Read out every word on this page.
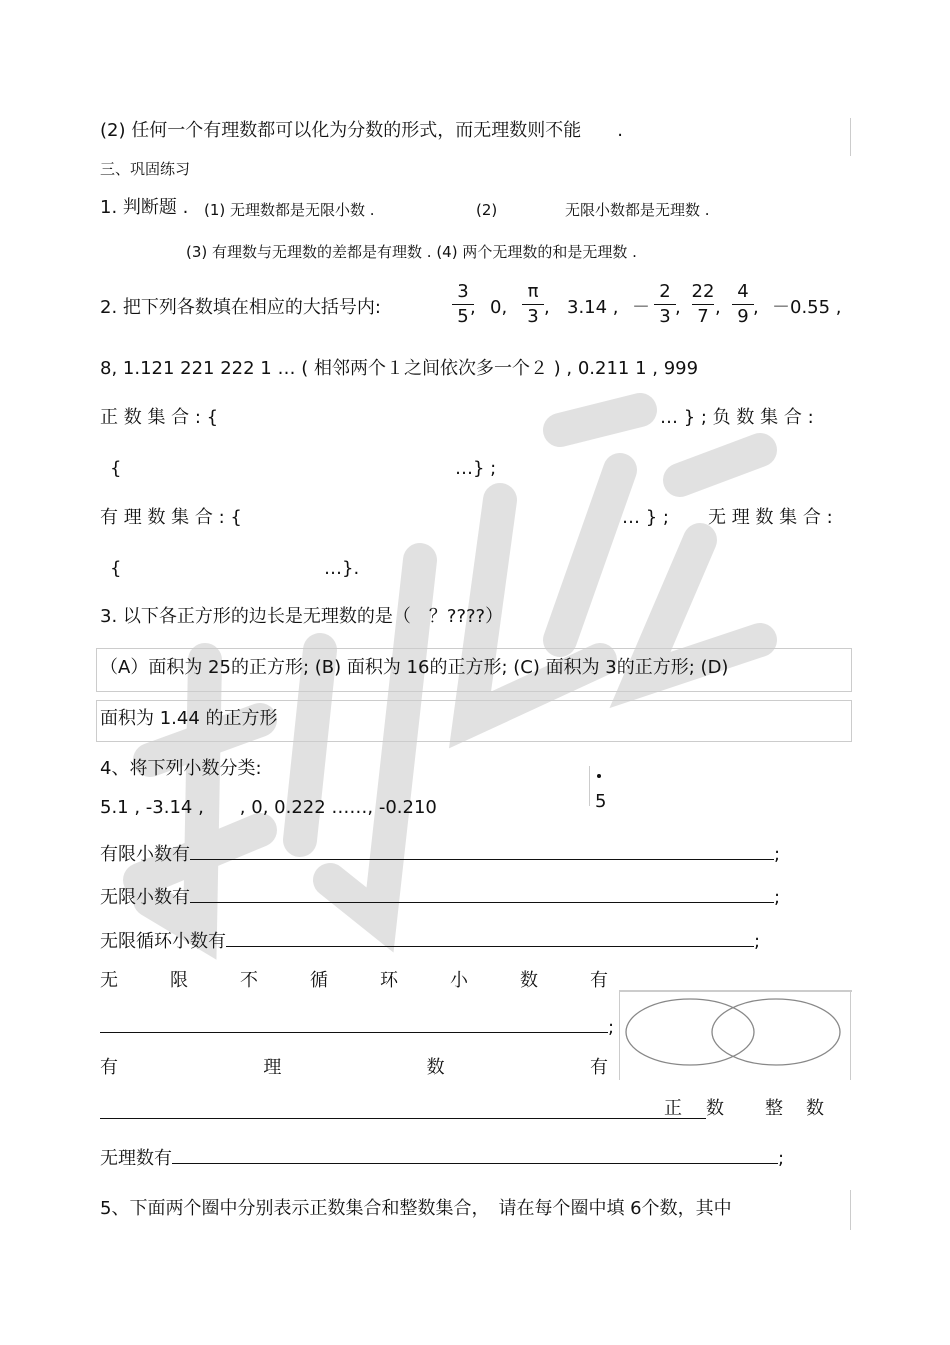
打印
(2) 任何一个有理数都可以化为分数的形式，而无理数则不能　　.
三、巩固练习
1. 判断题 . (1) 无理数都是无限小数 .	(2)	无限小数都是无理数 .
(3) 有理数与无理数的差都是有理数 . (4) 两个无理数的和是无理数 .
2. 把下列各数填在相应的大括号内:
3
5 , 0,
π
3 , 3.14 , －
2
3 ,
22
7 ,
4
9 , －0.55 ,
8, 1.121 221 222 1 … ( 相邻两个１之间依次多一个２ ) , 0.211 1 , 999
正 数 集 合 : {	… } ; 负 数 集 合 :
{	…} ;
有 理 数 集 合 : {	… } ; 无 理 数 集 合 :
{	…}.
3. 以下各正方形的边长是无理数的是（　？????）
（A）面积为 25的正方形; (B) 面积为 16的正方形; (C) 面积为 3的正方形; (D)
面积为 1.44 的正方形
4、将下列小数分类:
5
5.1 , -3.14 ,　　, 0, 0.222 ……, -0.210
有限小数有	;
无限小数有	;
无限循环小数有	;
无	限	不	循	环	小	数	有
;
有	理	数	有
正 数 整 数
无理数有	;
5、下面两个圈中分别表示正数集合和整数集合，　请在每个圈中填 6个数，其中
